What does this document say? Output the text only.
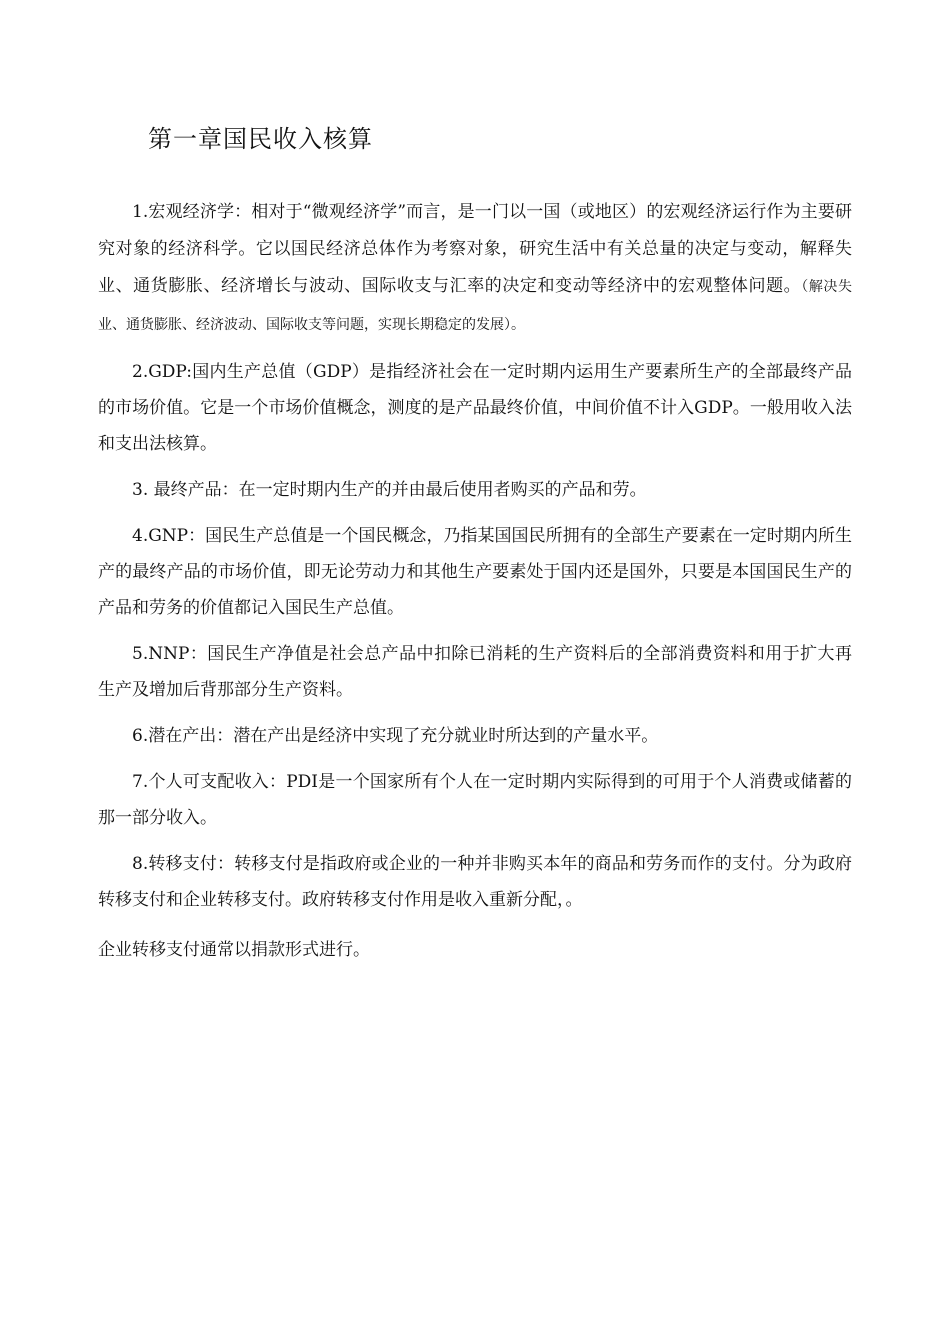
第一章国民收入核算

1.宏观经济学：相对于“微观经济学”而言，是一门以一国（或地区）的宏观经济运行作为主要研究对象的经济科学。它以国民经济总体作为考察对象，研究生活中有关总量的决定与变动，解释失业、通货膨胀、经济增长与波动、国际收支与汇率的决定和变动等经济中的宏观整体问题。（解决失业、通货膨胀、经济波动、国际收支等问题，实现长期稳定的发展）。

2.GDP:国内生产总值（GDP）是指经济社会在一定时期内运用生产要素所生产的全部最终产品的市场价值。它是一个市场价值概念，测度的是产品最终价值，中间价值不计入GDP。一般用收入法和支出法核算。

3. 最终产品：在一定时期内生产的并由最后使用者购买的产品和劳。

4.GNP：国民生产总值是一个国民概念，乃指某国国民所拥有的全部生产要素在一定时期内所生产的最终产品的市场价值，即无论劳动力和其他生产要素处于国内还是国外，只要是本国国民生产的产品和劳务的价值都记入国民生产总值。

5.NNP：国民生产净值是社会总产品中扣除已消耗的生产资料后的全部消费资料和用于扩大再生产及增加后背那部分生产资料。

6.潜在产出：潜在产出是经济中实现了充分就业时所达到的产量水平。

7.个人可支配收入：PDI是一个国家所有个人在一定时期内实际得到的可用于个人消费或储蓄的那一部分收入。

8.转移支付：转移支付是指政府或企业的一种并非购买本年的商品和劳务而作的支付。分为政府转移支付和企业转移支付。政府转移支付作用是收入重新分配，。

企业转移支付通常以捐款形式进行。
